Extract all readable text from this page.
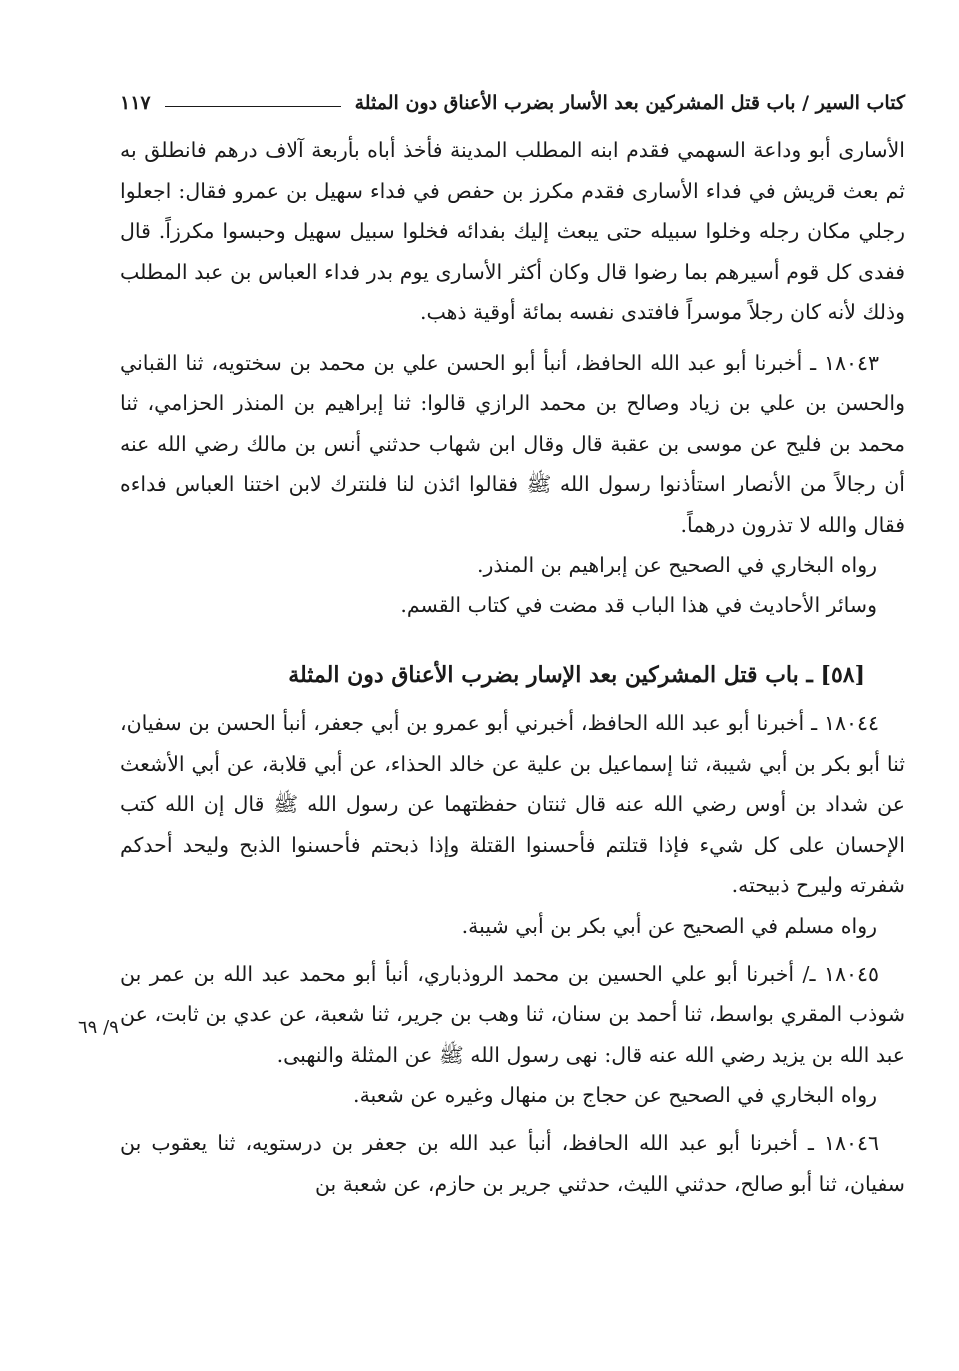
كتاب السير / باب قتل المشركين بعد الأسار بضرب الأعناق دون المثلة
١١٧

الأسارى أبو وداعة السهمي فقدم ابنه المطلب المدينة فأخذ أباه بأربعة آلاف درهم فانطلق به ثم بعث قريش في فداء الأسارى فقدم مكرز بن حفص في فداء سهيل بن عمرو فقال: اجعلوا رجلي مكان رجله وخلوا سبيله حتى يبعث إليك بفدائه فخلوا سبيل سهيل وحبسوا مكرزاً. قال ففدى كل قوم أسيرهم بما رضوا قال وكان أكثر الأسارى يوم بدر فداء العباس بن عبد المطلب وذلك لأنه كان رجلاً موسراً فافتدى نفسه بمائة أوقية ذهب.

١٨٠٤٣ ـ أخبرنا أبو عبد الله الحافظ، أنبأ أبو الحسن علي بن محمد بن سختويه، ثنا القباني والحسن بن علي بن زياد وصالح بن محمد الرازي قالوا: ثنا إبراهيم بن المنذر الحزامي، ثنا محمد بن فليح عن موسى بن عقبة قال وقال ابن شهاب حدثني أنس بن مالك رضي الله عنه أن رجالاً من الأنصار استأذنوا رسول الله ﷺ فقالوا ائذن لنا فلنترك لابن اختنا العباس فداءه فقال والله لا تذرون درهماً.

رواه البخاري في الصحيح عن إبراهيم بن المنذر.

وسائر الأحاديث في هذا الباب قد مضت في كتاب القسم.

[٥٨] ـ باب قتل المشركين بعد الإسار بضرب الأعناق دون المثلة

١٨٠٤٤ ـ أخبرنا أبو عبد الله الحافظ، أخبرني أبو عمرو بن أبي جعفر، أنبأ الحسن بن سفيان، ثنا أبو بكر بن أبي شيبة، ثنا إسماعيل بن علية عن خالد الحذاء، عن أبي قلابة، عن أبي الأشعث عن شداد بن أوس رضي الله عنه قال ثنتان حفظتهما عن رسول الله ﷺ قال إن الله كتب الإحسان على كل شيء فإذا قتلتم فأحسنوا القتلة وإذا ذبحتم فأحسنوا الذبح وليحد أحدكم شفرته وليرح ذبيحته.

رواه مسلم في الصحيح عن أبي بكر بن أبي شيبة.

١٨٠٤٥ ـ/ أخبرنا أبو علي الحسين بن محمد الروذباري، أنبأ أبو محمد عبد الله بن عمر بن شوذب المقري بواسط، ثنا أحمد بن سنان، ثنا وهب بن جرير، ثنا شعبة، عن عدي بن ثابت، عن عبد الله بن يزيد رضي الله عنه قال: نهى رسول الله ﷺ عن المثلة والنهبى.

رواه البخاري في الصحيح عن حجاج بن منهال وغيره عن شعبة.

١٨٠٤٦ ـ أخبرنا أبو عبد الله الحافظ، أنبأ عبد الله بن جعفر بن درستويه، ثنا يعقوب بن سفيان، ثنا أبو صالح، حدثني الليث، حدثني جرير بن حازم، عن شعبة بن

٩/ ٦٩
